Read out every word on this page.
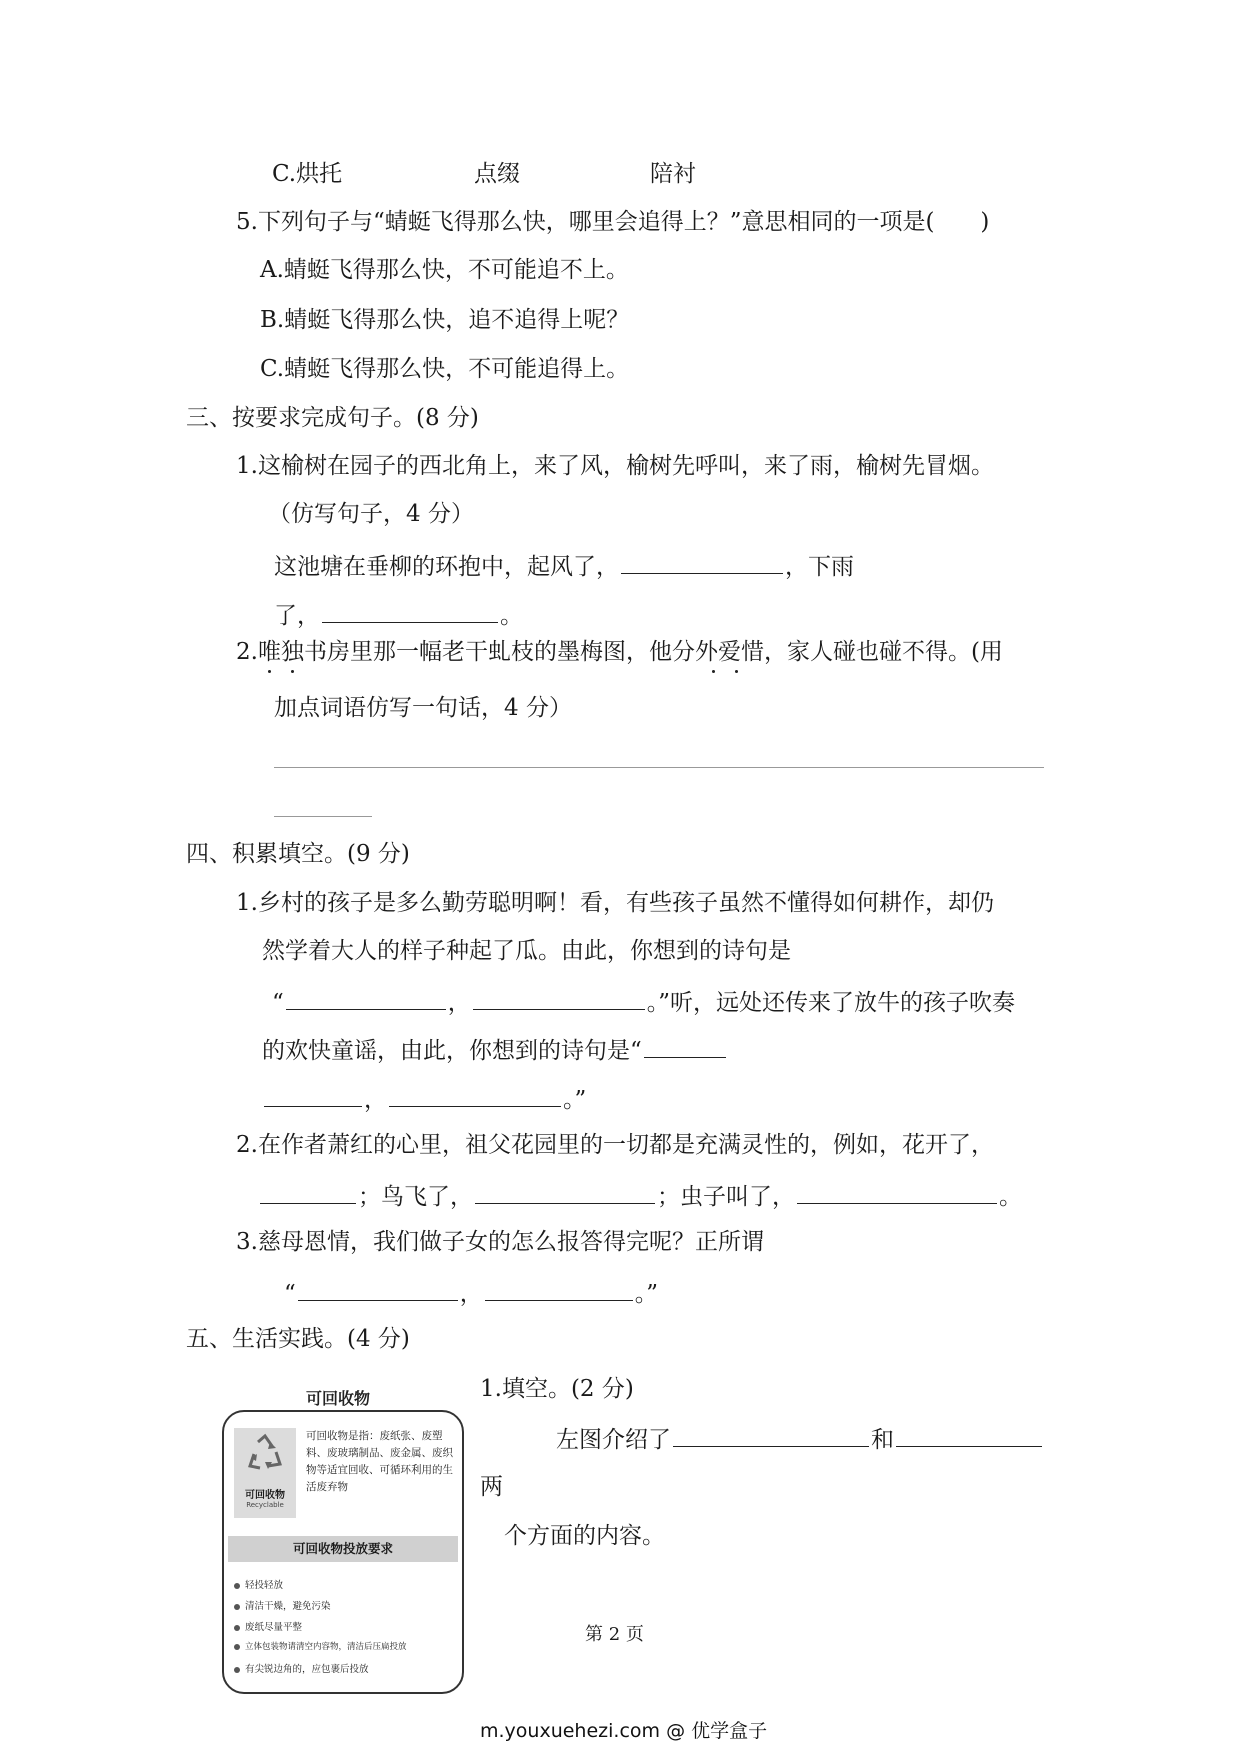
C.烘托	点缀	陪衬
5.下列句子与“蜻蜓飞得那么快，哪里会追得上？”意思相同的一项是(　　)
A.蜻蜓飞得那么快，不可能追不上。
B.蜻蜓飞得那么快，追不追得上呢？
C.蜻蜓飞得那么快，不可能追得上。
三、按要求完成句子。(8 分)
1.这榆树在园子的西北角上，来了风，榆树先呼叫，来了雨，榆树先冒烟。
（仿写句子，4 分）
这池塘在垂柳的环抱中，起风了，	，下雨
了，	。
2.唯独书房里那一幅老干虬枝的墨梅图，他分外爱惜，家人碰也碰不得。(用
加点词语仿写一句话，4 分）
四、积累填空。(9 分)
1.乡村的孩子是多么勤劳聪明啊！看，有些孩子虽然不懂得如何耕作，却仍
然学着大人的样子种起了瓜。由此，你想到的诗句是
“	，	。”听，远处还传来了放牛的孩子吹奏
的欢快童谣，由此，你想到的诗句是“
，	。”
2.在作者萧红的心里，祖父花园里的一切都是充满灵性的，例如，花开了，
；鸟飞了，	；虫子叫了，	。
3.慈母恩情，我们做子女的怎么报答得完呢？正所谓
“	，	。”
五、生活实践。(4 分)
可回收物
可回收物
Recyclable
可回收物是指：废纸张、废塑料、废玻璃制品、废金属、废织物等适宜回收、可循环利用的生活废弃物
可回收物投放要求
轻投轻放
清洁干燥，避免污染
废纸尽量平整
立体包装物请清空内容物，清洁后压扁投放
有尖锐边角的，应包裹后投放
1.填空。(2 分)
左图介绍了	和
两
个方面的内容。
第 2 页
m.youxuehezi.com @ 优学盒子
